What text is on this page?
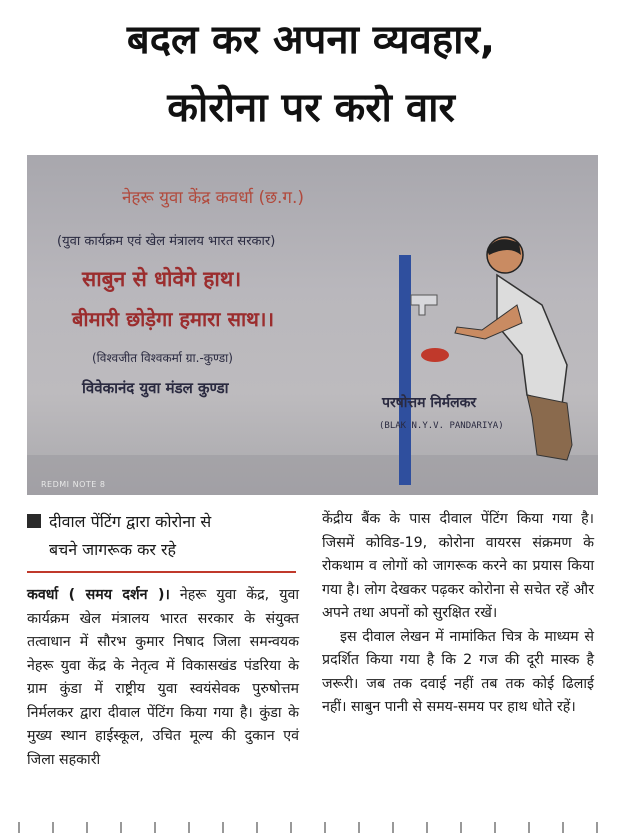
बदल कर अपना व्यवहार,
कोरोना पर करो वार
नेहरू युवा केंद्र कवर्धा (छ.ग.)
(युवा कार्यक्रम एवं खेल मंत्रालय भारत सरकार)
साबुन से धोवेगे हाथ।
बीमारी छोड़ेगा हमारा साथ।।
(विश्वजीत विश्वकर्मा ग्रा.-कुण्डा)
विवेकानंद युवा मंडल कुण्डा
परषोत्तम निर्मलकर
(BLAK N.Y.V. PANDARIYA)
REDMI NOTE 8
दीवाल पेंटिंग द्वारा कोरोना से
बचने जागरूक कर रहे

कवर्धा ( समय दर्शन )। नेहरू युवा केंद्र, युवा कार्यक्रम खेल मंत्रालय भारत सरकार के संयुक्त तत्वाधान में सौरभ कुमार निषाद जिला समन्वयक नेहरू युवा केंद्र के नेतृत्व में विकासखंड पंडरिया के ग्राम कुंडा में राष्ट्रीय युवा स्वयंसेवक पुरुषोत्तम निर्मलकर द्वारा दीवाल पेंटिंग किया गया है। कुंडा के मुख्य स्थान हाईस्कूल, उचित मूल्य की दुकान एवं जिला सहकारी

केंद्रीय बैंक के पास दीवाल पेंटिंग किया गया है। जिसमें कोविड-19, कोरोना वायरस संक्रमण के रोकथाम व लोगों को जागरूक करने का प्रयास किया गया है। लोग देखकर पढ़कर कोरोना से सचेत रहें और अपने तथा अपनों को सुरक्षित रखें।

इस दीवाल लेखन में नामांकित चित्र के माध्यम से प्रदर्शित किया गया है कि 2 गज की दूरी मास्क है जरूरी। जब तक दवाई नहीं तब तक कोई ढिलाई नहीं। साबुन पानी से समय-समय पर हाथ धोते रहें।
